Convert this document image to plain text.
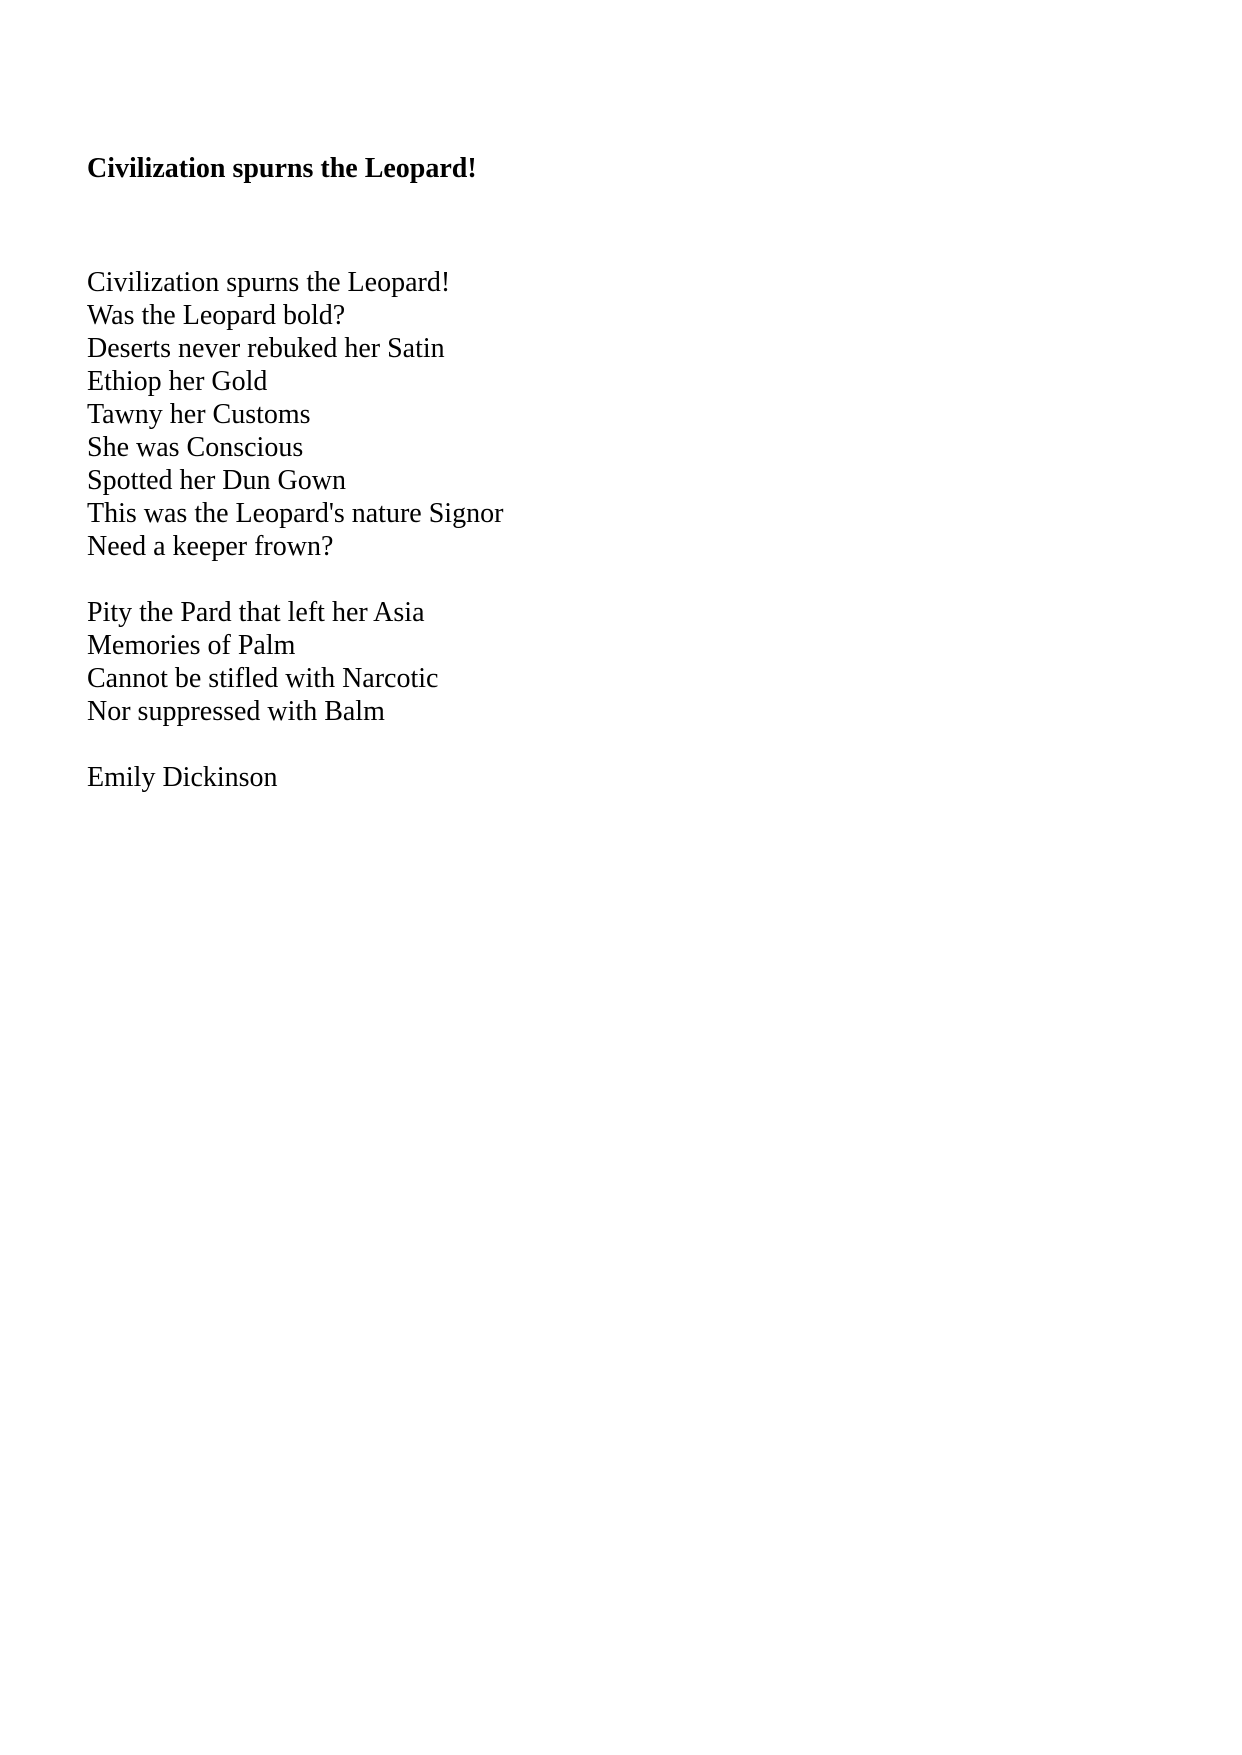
Civilization spurns the Leopard!
Civilization spurns the Leopard!
Was the Leopard bold?
Deserts never rebuked her Satin
Ethiop her Gold
Tawny her Customs
She was Conscious
Spotted her Dun Gown
This was the Leopard's nature Signor
Need a keeper frown?
Pity the Pard that left her Asia
Memories of Palm
Cannot be stifled with Narcotic
Nor suppressed with Balm

Emily Dickinson
